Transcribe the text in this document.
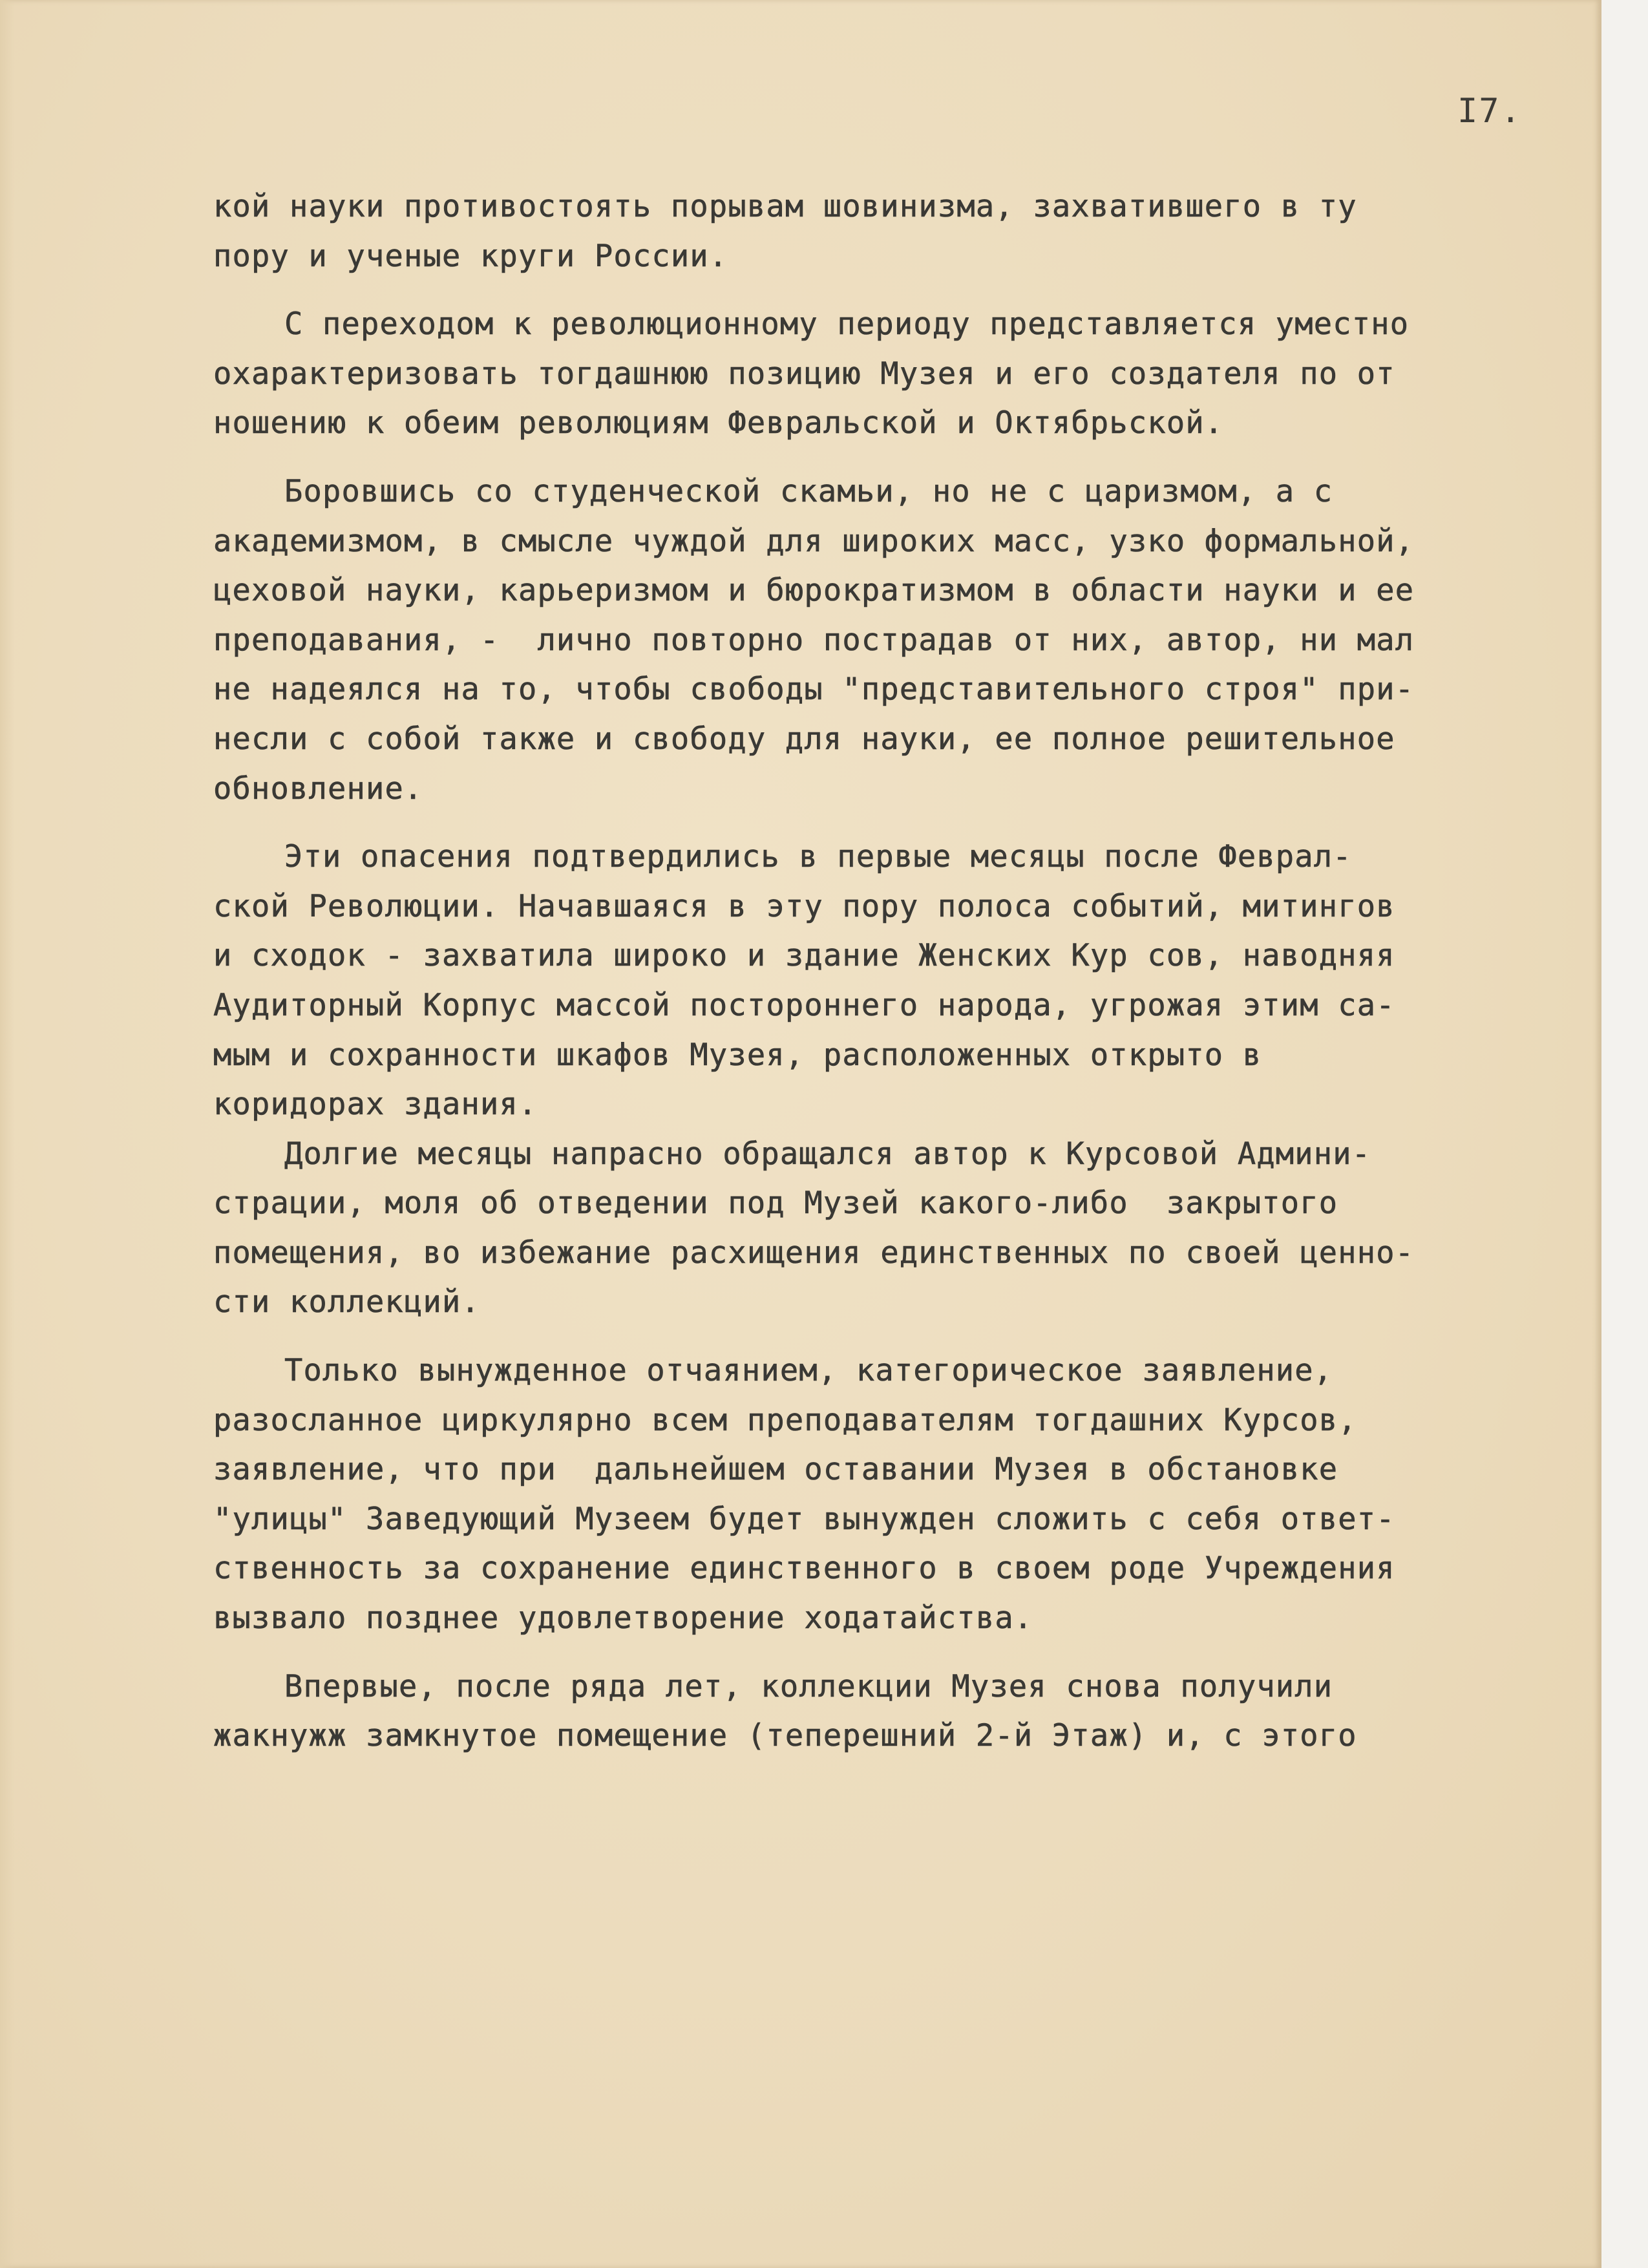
I7.
кой науки противостоять порывам шовинизма, захватившего в ту
пору и ученые круги России.
С переходом к революционному периоду представляется уместно
охарактеризовать тогдашнюю позицию Музея и его создателя по от
ношению к обеим революциям Февральской и Октябрьской.
Боровшись со студенческой скамьи, но не с царизмом, а с
академизмом, в смысле чуждой для широких масс, узко формальной,
цеховой науки, карьеризмом и бюрократизмом в области науки и ее
преподавания, -  лично повторно пострадав от них, автор, ни мал
не надеялся на то, чтобы свободы "представительного строя" при-
несли с собой также и свободу для науки, ее полное решительное
обновление.
Эти опасения подтвердились в первые месяцы после Феврал-
ской Революции. Начавшаяся в эту пору полоса событий, митингов
и сходок - захватила широко и здание Женских Кур сов, наводняя
Аудиторный Корпус массой постороннего народа, угрожая этим са-
мым и сохранности шкафов Музея, расположенных открыто в
коридорах здания.
Долгие месяцы напрасно обращался автор к Курсовой Админи-
страции, моля об отведении под Музей какого-либо  закрытого
помещения, во избежание расхищения единственных по своей ценно-
сти коллекций.
Только вынужденное отчаянием, категорическое заявление,
разосланное циркулярно всем преподавателям тогдашних Курсов,
заявление, что при  дальнейшем оставании Музея в обстановке
"улицы" Заведующий Музеем будет вынужден сложить с себя ответ-
ственность за сохранение единственного в своем роде Учреждения
вызвало позднее удовлетворение ходатайства.
Впервые, после ряда лет, коллекции Музея снова получили
жакнужж замкнутое помещение (теперешний 2-й Этаж) и, с этого
